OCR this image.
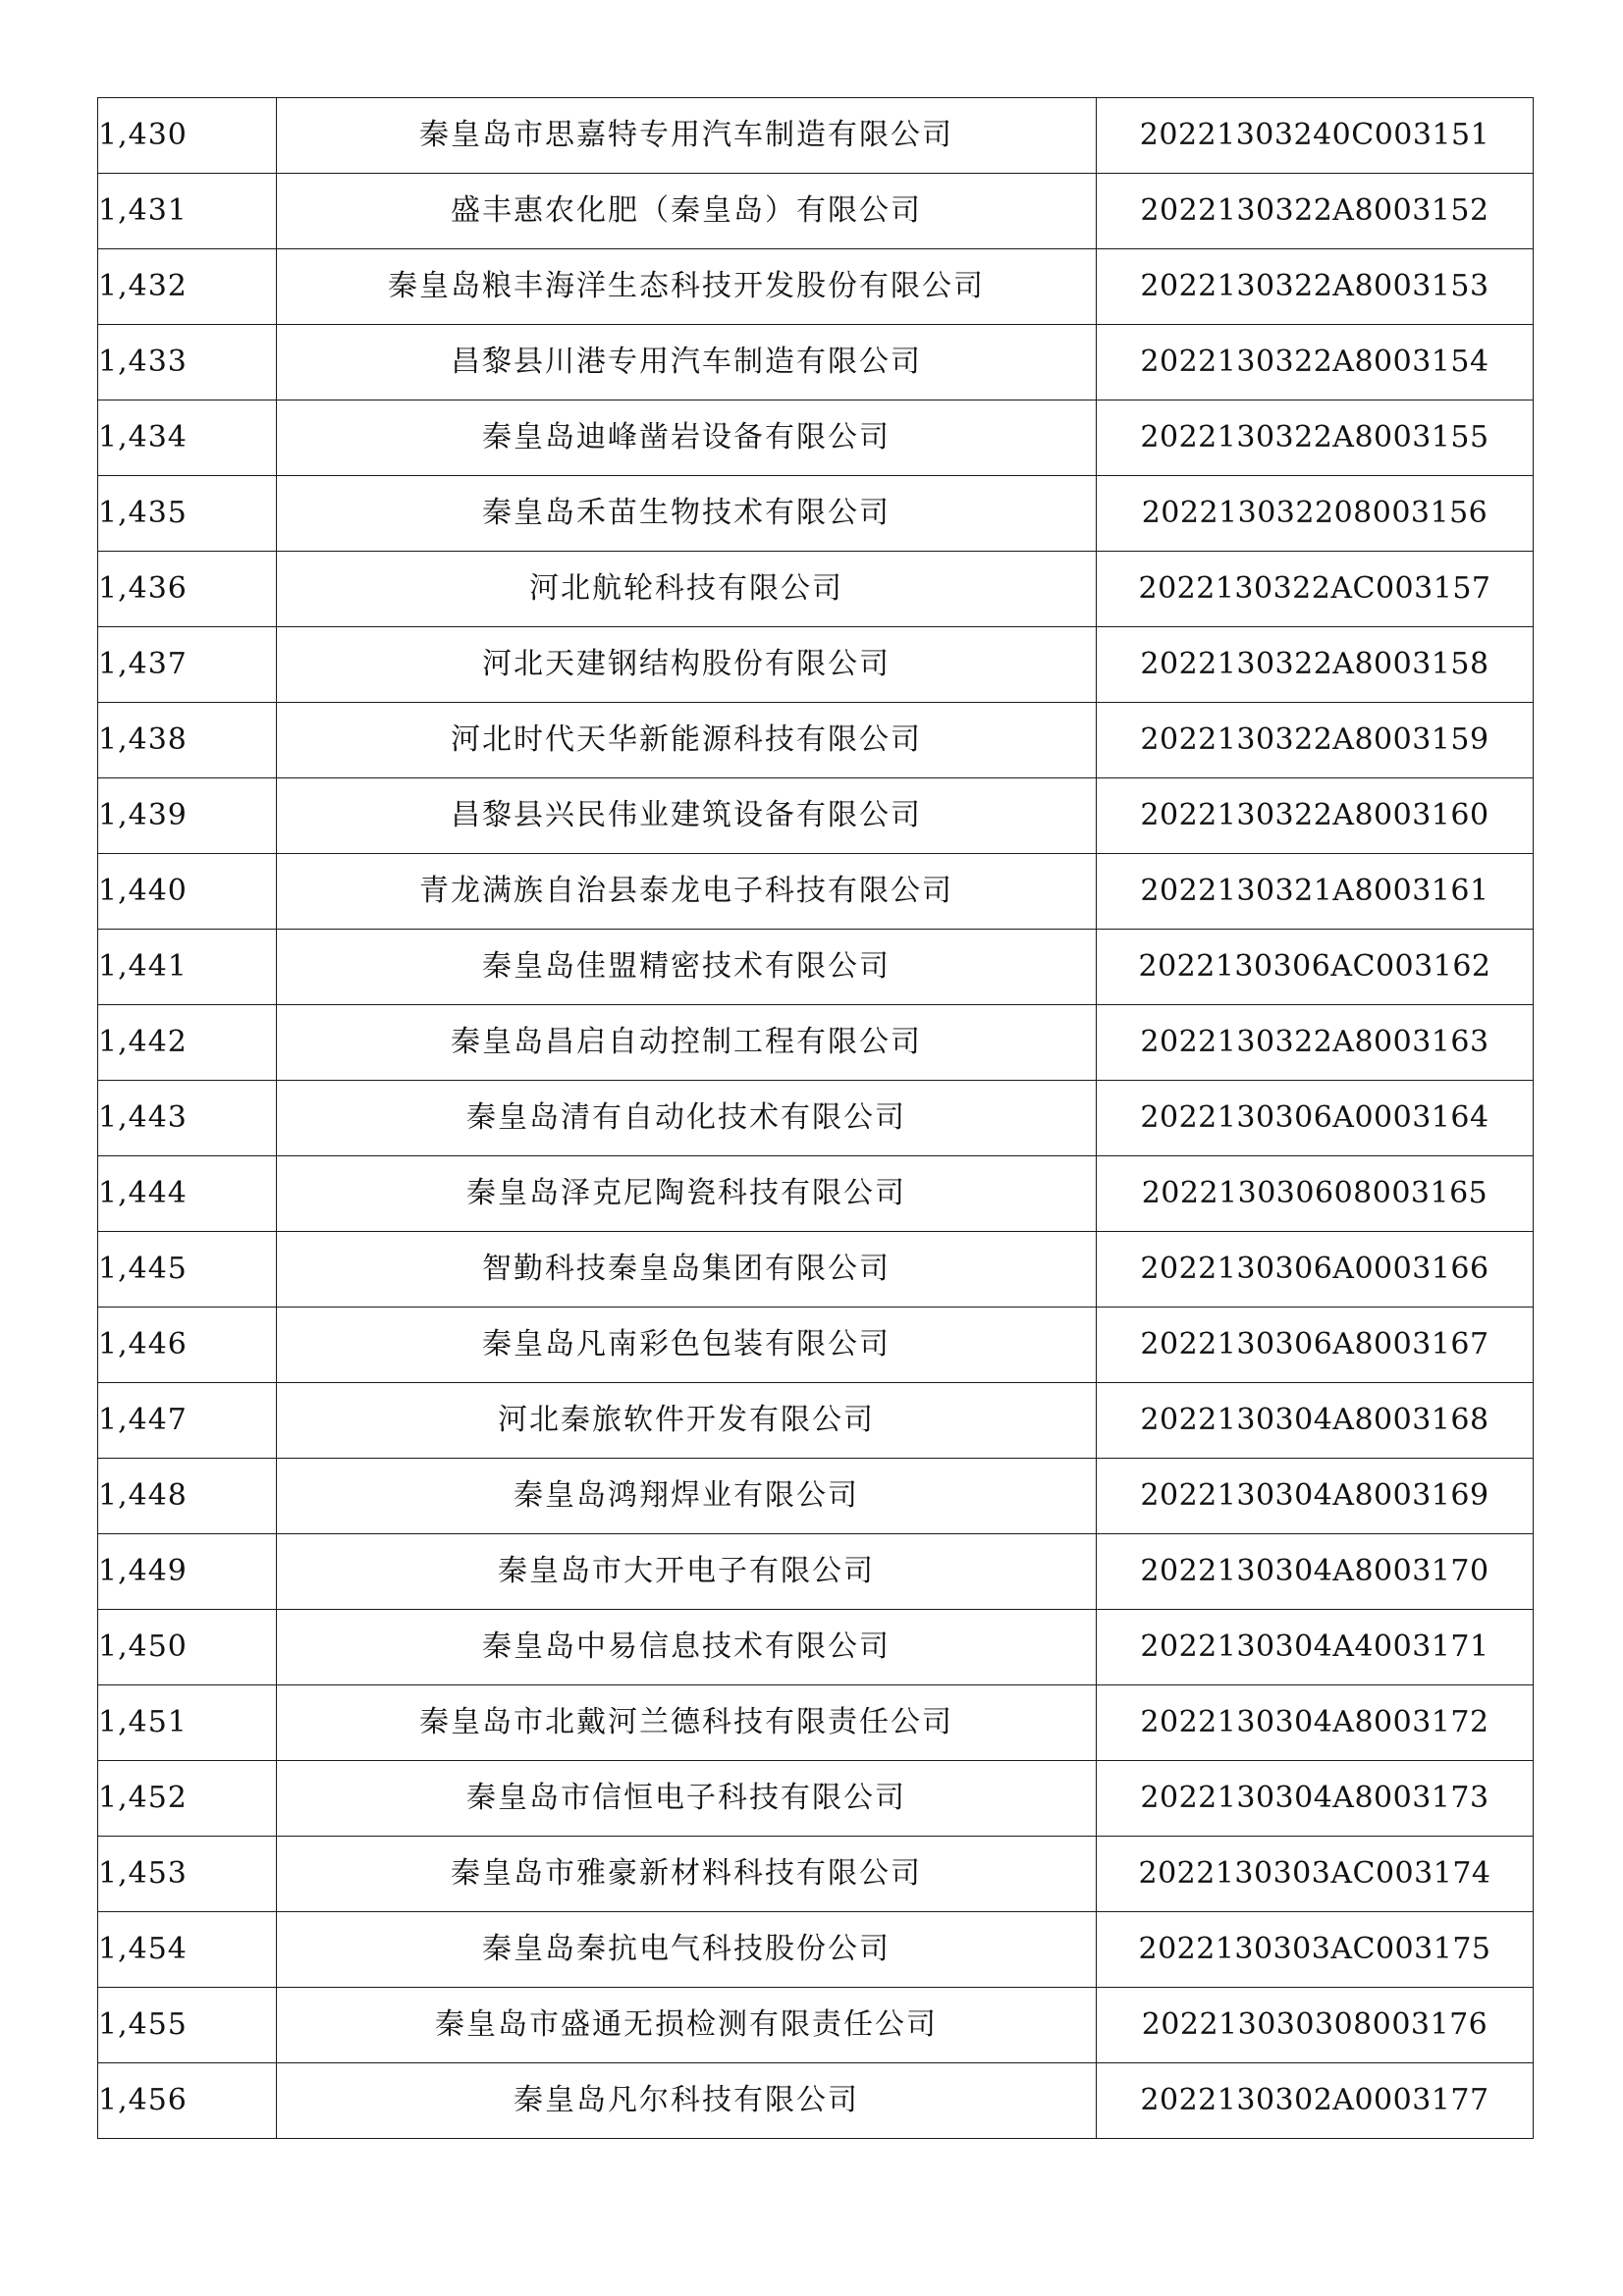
1,430	秦皇岛市思嘉特专用汽车制造有限公司	20221303240C003151
1,431	盛丰惠农化肥（秦皇岛）有限公司	2022130322A8003152
1,432	秦皇岛粮丰海洋生态科技开发股份有限公司	2022130322A8003153
1,433	昌黎县川港专用汽车制造有限公司	2022130322A8003154
1,434	秦皇岛迪峰凿岩设备有限公司	2022130322A8003155
1,435	秦皇岛禾苗生物技术有限公司	202213032208003156
1,436	河北航轮科技有限公司	2022130322AC003157
1,437	河北天建钢结构股份有限公司	2022130322A8003158
1,438	河北时代天华新能源科技有限公司	2022130322A8003159
1,439	昌黎县兴民伟业建筑设备有限公司	2022130322A8003160
1,440	青龙满族自治县泰龙电子科技有限公司	2022130321A8003161
1,441	秦皇岛佳盟精密技术有限公司	2022130306AC003162
1,442	秦皇岛昌启自动控制工程有限公司	2022130322A8003163
1,443	秦皇岛清有自动化技术有限公司	2022130306A0003164
1,444	秦皇岛泽克尼陶瓷科技有限公司	202213030608003165
1,445	智勤科技秦皇岛集团有限公司	2022130306A0003166
1,446	秦皇岛凡南彩色包装有限公司	2022130306A8003167
1,447	河北秦旅软件开发有限公司	2022130304A8003168
1,448	秦皇岛鸿翔焊业有限公司	2022130304A8003169
1,449	秦皇岛市大开电子有限公司	2022130304A8003170
1,450	秦皇岛中易信息技术有限公司	2022130304A4003171
1,451	秦皇岛市北戴河兰德科技有限责任公司	2022130304A8003172
1,452	秦皇岛市信恒电子科技有限公司	2022130304A8003173
1,453	秦皇岛市雅豪新材料科技有限公司	2022130303AC003174
1,454	秦皇岛秦抗电气科技股份公司	2022130303AC003175
1,455	秦皇岛市盛通无损检测有限责任公司	202213030308003176
1,456	秦皇岛凡尔科技有限公司	2022130302A0003177
